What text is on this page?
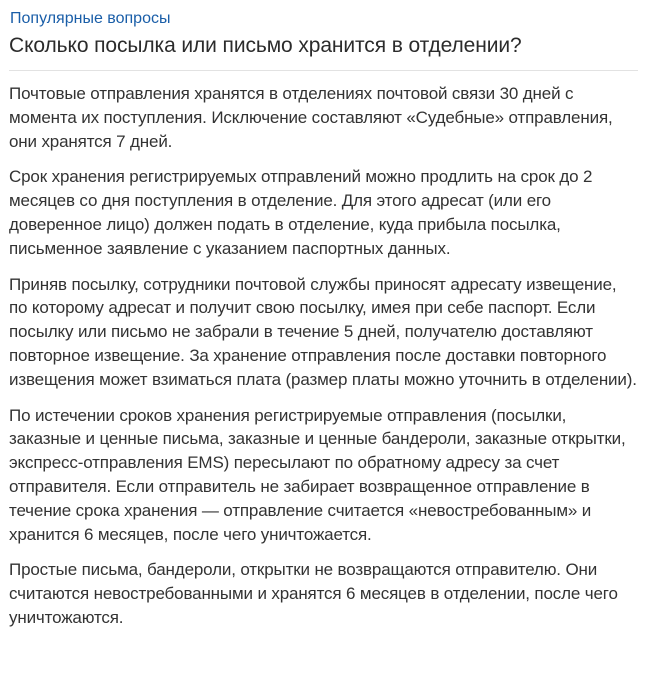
Популярные вопросы
Сколько посылка или письмо хранится в отделении?

Почтовые отправления хранятся в отделениях почтовой связи 30 дней с момента их поступления. Исключение составляют «Судебные» отправления, они хранятся 7 дней.

Срок хранения регистрируемых отправлений можно продлить на срок до 2 месяцев со дня поступления в отделение. Для этого адресат (или его доверенное лицо) должен подать в отделение, куда прибыла посылка, письменное заявление с указанием паспортных данных.

Приняв посылку, сотрудники почтовой службы приносят адресату извещение, по которому адресат и получит свою посылку, имея при себе паспорт. Если посылку или письмо не забрали в течение 5 дней, получателю доставляют повторное извещение. За хранение отправления после доставки повторного извещения может взиматься плата (размер платы можно уточнить в отделении).

По истечении сроков хранения регистрируемые отправления (посылки, заказные и ценные письма, заказные и ценные бандероли, заказные открытки, экспресс-отправления EMS) пересылают по обратному адресу за счет отправителя. Если отправитель не забирает возвращенное отправление в течение срока хранения — отправление считается «невостребованным» и хранится 6 месяцев, после чего уничтожается.

Простые письма, бандероли, открытки не возвращаются отправителю. Они считаются невостребованными и хранятся 6 месяцев в отделении, после чего уничтожаются.
